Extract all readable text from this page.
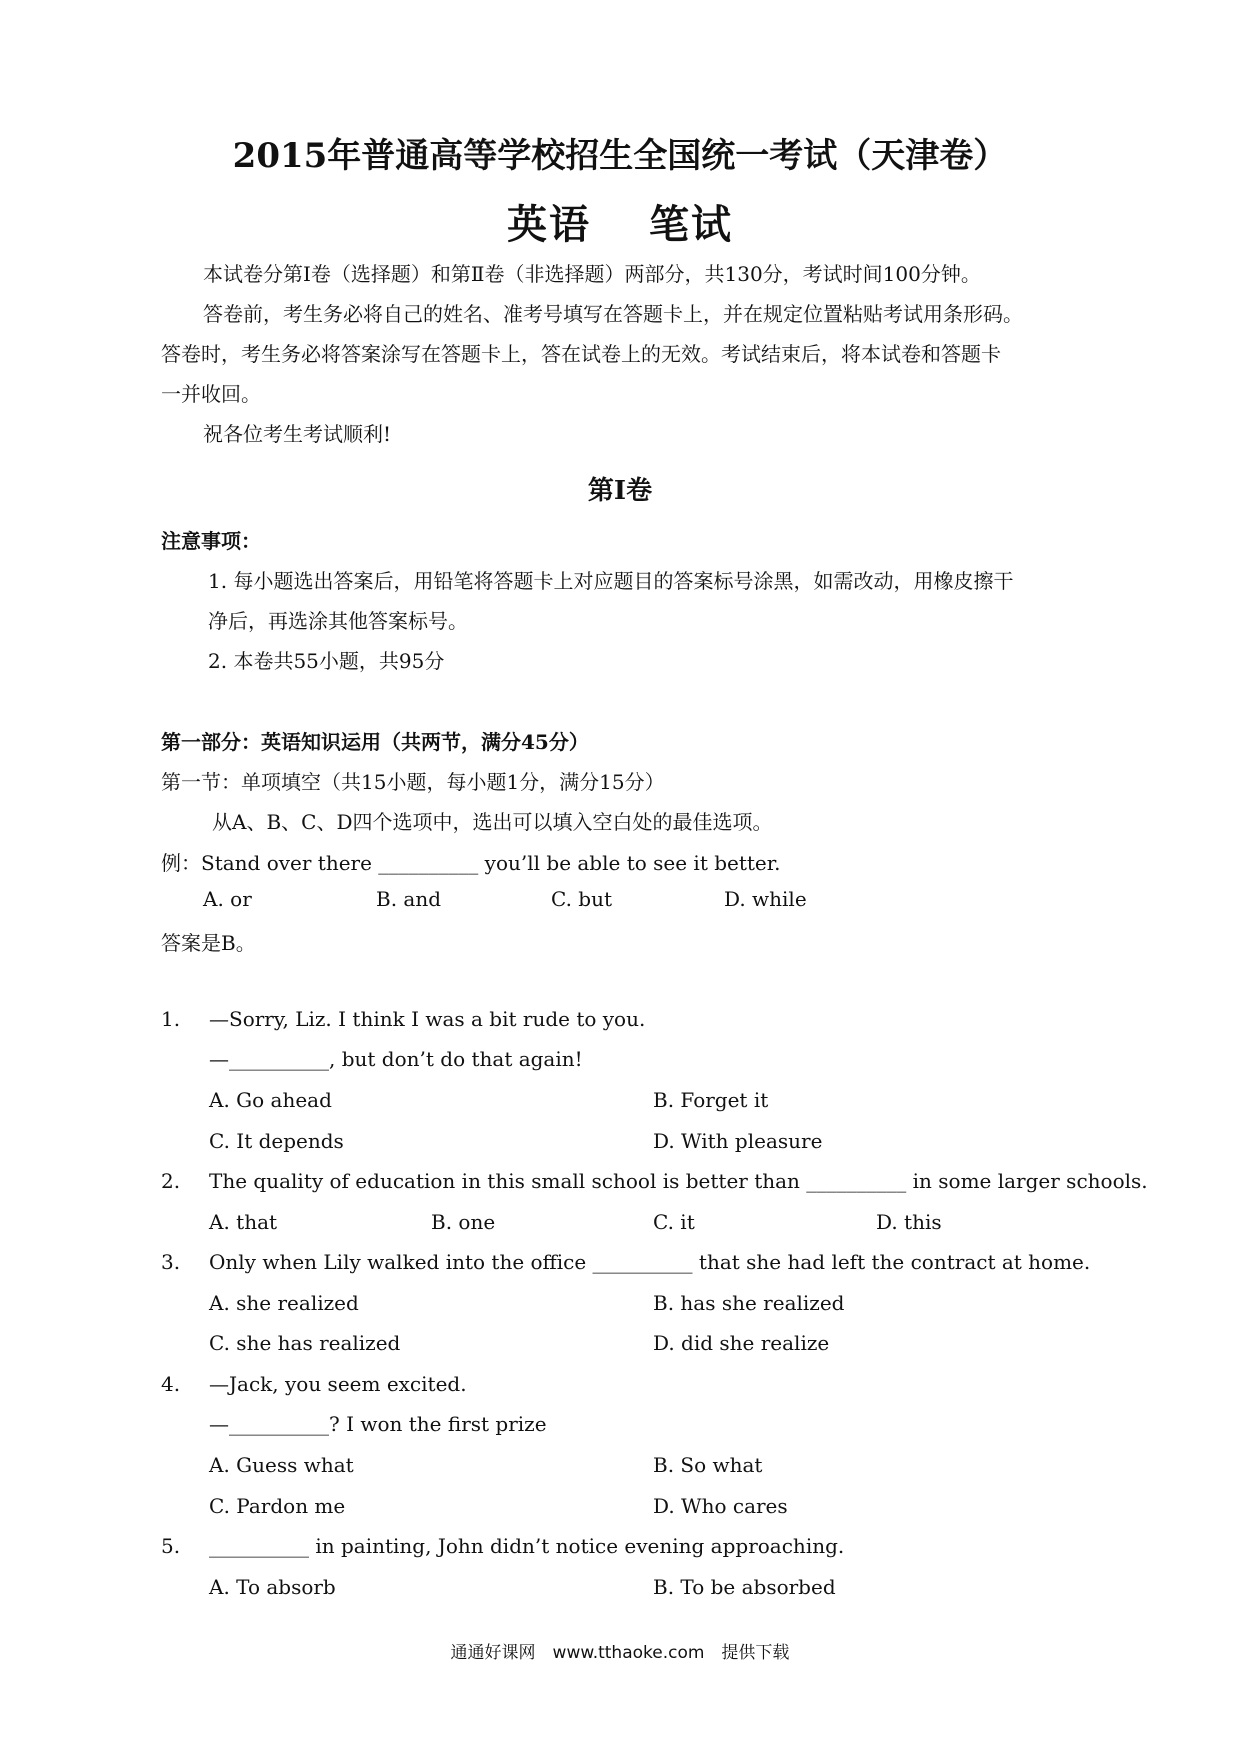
2015年普通高等学校招生全国统一考试（天津卷）
英语　 笔试
本试卷分第Ⅰ卷（选择题）和第Ⅱ卷（非选择题）两部分，共130分，考试时间100分钟。
答卷前，考生务必将自己的姓名、准考号填写在答题卡上，并在规定位置粘贴考试用条形码。
答卷时，考生务必将答案涂写在答题卡上，答在试卷上的无效。考试结束后，将本试卷和答题卡
一并收回。
祝各位考生考试顺利!
第Ⅰ卷
注意事项：
1. 每小题选出答案后，用铅笔将答题卡上对应题目的答案标号涂黑，如需改动，用橡皮擦干
净后，再选涂其他答案标号。
2. 本卷共55小题，共95分
第一部分：英语知识运用（共两节，满分45分）
第一节：单项填空（共15小题，每小题1分，满分15分）
从A、B、C、D四个选项中，选出可以填入空白处的最佳选项。
例：Stand over there __________ you’ll be able to see it better.
A. or	B. and	C. but	D. while
答案是B。
1. —Sorry, Liz. I think I was a bit rude to you.
—__________, but don’t do that again!
A. Go ahead	B. Forget it
C. It depends	D. With pleasure
2. The quality of education in this small school is better than __________ in some larger schools.
A. that	B. one	C. it	D. this
3. Only when Lily walked into the office __________ that she had left the contract at home.
A. she realized	B. has she realized
C. she has realized	D. did she realize
4. —Jack, you seem excited.
—__________? I won the first prize
A. Guess what	B. So what
C. Pardon me	D. Who cares
5. __________ in painting, John didn’t notice evening approaching.
A. To absorb	B. To be absorbed
通通好课网　www.tthaoke.com　提供下载
